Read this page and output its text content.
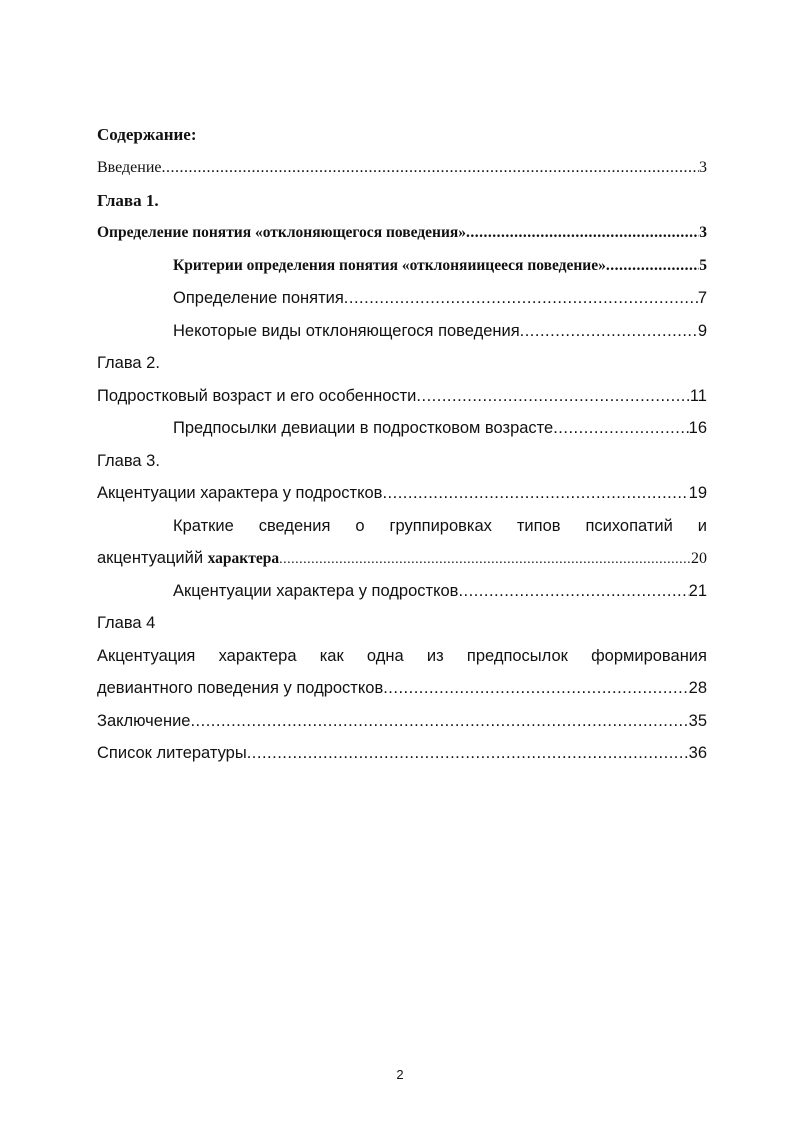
Содержание:
Введение .....	3
Глава 1.
Определение понятия «отклоняющегося поведения» .....	3
Критерии определения понятия «отклоняиицееся поведение» .....	5
Определение понятия .....	7
Некоторые виды отклоняющегося поведения .....	9
Глава 2.
Подростковый возраст и его особенности .....	11
Предпосылки девиации в подростковом возрасте .....	16
Глава 3.
Акцентуации характера у подростков .....	19
Краткие сведения о группировках типов психопатий и
акцентуацийй характера .....	20
Акцентуации характера у подростков .....	21
Глава 4
Акцентуация характера как одна из предпосылок формирования
девиантного поведения у подростков .....	28
Заключение .....	35
Список литературы .....	36
2
